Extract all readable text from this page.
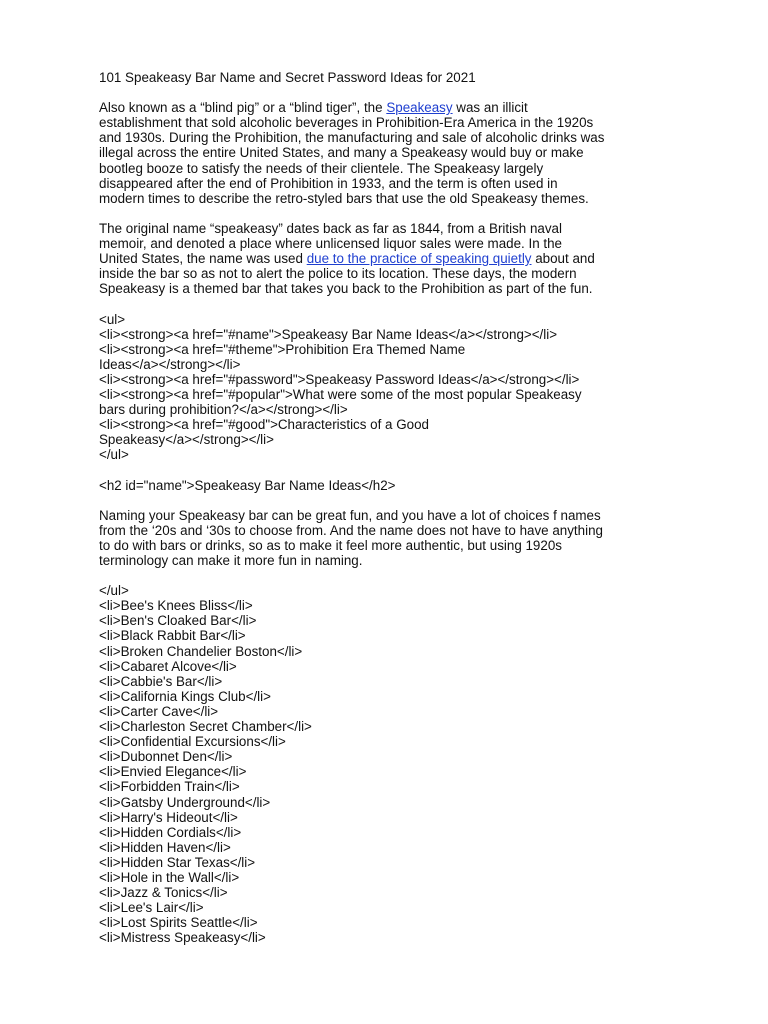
101 Speakeasy Bar Name and Secret Password Ideas for 2021

Also known as a “blind pig” or a “blind tiger”, the Speakeasy was an illicit

establishment that sold alcoholic beverages in Prohibition-Era America in the 1920s

and 1930s. During the Prohibition, the manufacturing and sale of alcoholic drinks was

illegal across the entire United States, and many a Speakeasy would buy or make

bootleg booze to satisfy the needs of their clientele. The Speakeasy largely

disappeared after the end of Prohibition in 1933, and the term is often used in

modern times to describe the retro-styled bars that use the old Speakeasy themes.

The original name “speakeasy” dates back as far as 1844, from a British naval

memoir, and denoted a place where unlicensed liquor sales were made. In the

United States, the name was used due to the practice of speaking quietly about and

inside the bar so as not to alert the police to its location. These days, the modern

Speakeasy is a themed bar that takes you back to the Prohibition as part of the fun.

<ul>

<li><strong><a href="#name">Speakeasy Bar Name Ideas</a></strong></li>

<li><strong><a href="#theme">Prohibition Era Themed Name

Ideas</a></strong></li>

<li><strong><a href="#password">Speakeasy Password Ideas</a></strong></li>

<li><strong><a href="#popular">What were some of the most popular Speakeasy

bars during prohibition?</a></strong></li>

<li><strong><a href="#good">Characteristics of a Good

Speakeasy</a></strong></li>

</ul>

<h2 id="name">Speakeasy Bar Name Ideas</h2>

Naming your Speakeasy bar can be great fun, and you have a lot of choices f names

from the ‘20s and ‘30s to choose from. And the name does not have to have anything

to do with bars or drinks, so as to make it feel more authentic, but using 1920s

terminology can make it more fun in naming.

</ul>

<li>Bee's Knees Bliss</li>

<li>Ben's Cloaked Bar</li>

<li>Black Rabbit Bar</li>

<li>Broken Chandelier Boston</li>

<li>Cabaret Alcove</li>

<li>Cabbie's Bar</li>

<li>California Kings Club</li>

<li>Carter Cave</li>

<li>Charleston Secret Chamber</li>

<li>Confidential Excursions</li>

<li>Dubonnet Den</li>

<li>Envied Elegance</li>

<li>Forbidden Train</li>

<li>Gatsby Underground</li>

<li>Harry's Hideout</li>

<li>Hidden Cordials</li>

<li>Hidden Haven</li>

<li>Hidden Star Texas</li>

<li>Hole in the Wall</li>

<li>Jazz & Tonics</li>

<li>Lee's Lair</li>

<li>Lost Spirits Seattle</li>

<li>Mistress Speakeasy</li>
